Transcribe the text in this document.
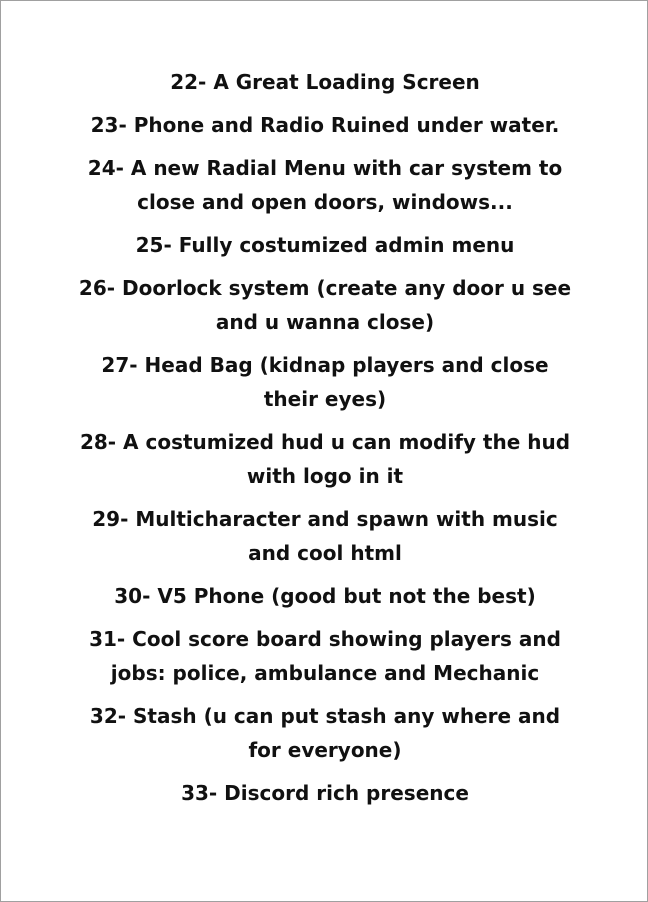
22- A Great Loading Screen
23- Phone and Radio Ruined under water.
24- A new Radial Menu with car system to close and open doors, windows...
25- Fully costumized admin menu
26- Doorlock system (create any door u see and u wanna close)
27- Head Bag (kidnap players and close their eyes)
28- A costumized hud u can modify the hud with logo in it
29- Multicharacter and spawn with music and cool html
30- V5 Phone (good but not the best)
31- Cool score board showing players and jobs: police, ambulance and Mechanic
32- Stash (u can put stash any where and for everyone)
33- Discord rich presence
